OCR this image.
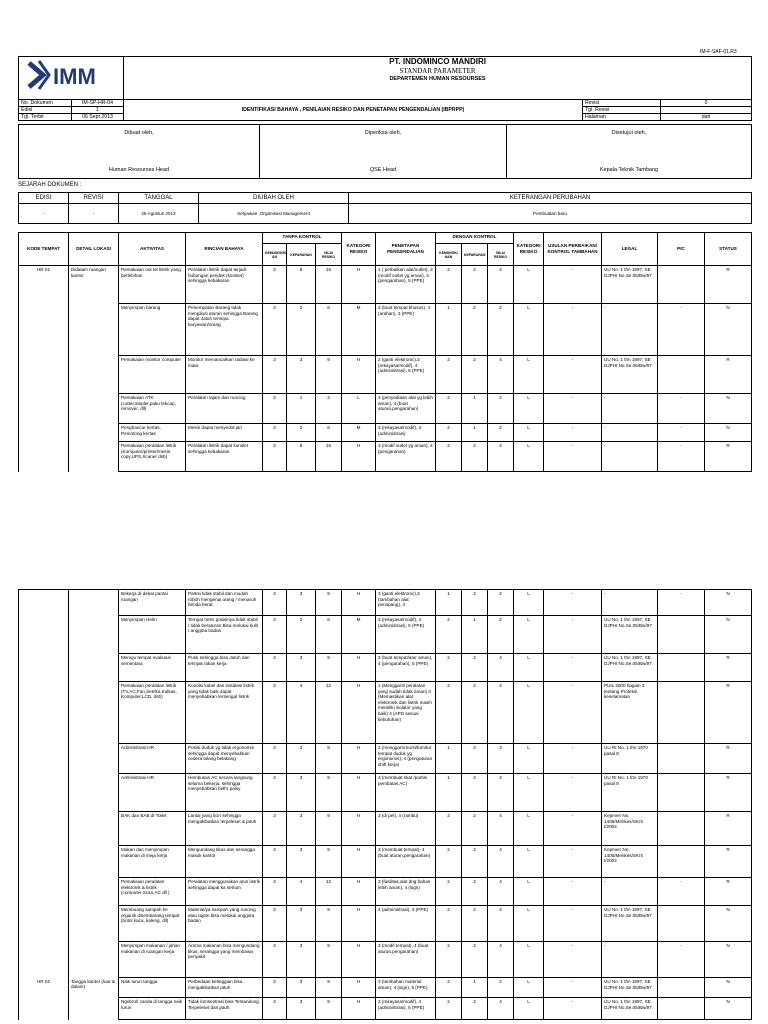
IM-F-SAF-01.R3
IMM		PT. INDOMINCO MANDIRI
STANDAR PARAMETER
DEPARTEMEN HUMAN RESOURSES		

No. Dokumen	IM-SP-HR-04	IDENTIFIKASI BAHAYA , PENILAIAN RESIKO DAN PENETAPAN PENGENDALIAN (IBPRPP)	Revisi	0
Edisi	1		Tgl. Revisi	
Tgl. Terbit	06 Sept 2013		Halaman	dari
Dibuat oleh,	Diperiksa oleh,	Disetujui oleh,
Human Resourses Head	QSE Head	Kepala Teknik Tambang
SEJARAH DOKUMEN :
EDISI	REVISI	TANGGAL	DIUBAH OLEH	KETERANGAN PERUBAHAN
-	-	28 Agustus 2013	Setyawan ,Organisasi Management	Pembuatan baru
KODE TEMPAT	DETAIL LOKASI	AKTIVITAS	RINCIAN BAHAYA	TANPA KONTROL			KATEGORI RESIKO	PENETAPAN PENGENDALIAN	DENGAN KONTROL			KATEGORI RESIKO	USULAN PERBAIKAN/ KONTROL TAMBAHAN	LEGAL	PIC	STATUS
				KEMUNGKIN AN	KEPARAHAN	NILAI RESIKO			KEMUNGKI NAN	KEPARAHAN	NILAI RESIKO					
HR 01	Didalam ruangan kantor	Pemakaian out let listrik yang berlebihan	Peralatan listrik dapat terjadi hubungan pendek (konslet) sehingga kebakaran	3	5	15	H	1 ( perbaikan alat/outlet), 3 (modif outlet yg aman), 4 (pengarahan), 5 (PPE)	2	2	4	L	-	UU No. 1 thn 1997, SE DJPHI No.Se.05/Bw/97		R
		Menyimpan barang	Penempatan Barang tidak mengikuti aturan sehingga Barang dapat Jatuh terimpa karyawan/orang	3	2	6	M	3 (buat tempat khusus), 4 (arahan), 3 (PPE)	1	2	2	L	-	-	-	N
		Pemakaian monitor computer	Monitor memancarkan radiasi ke mata	3	3	9	H	2 (ganti elektronic),3 (rekayasa/modif), 4 (administrasi), 5 (PPE)	2	2	4	L	-	UU No. 1 thn 1997, SE DJPHI No.Se.05/Bw/97		R
		Pemakaian ATK (cutter,stepler,paku tekcap, remover, dll)	Peralatan tajam dan runcing	3	1	3	L	3 (penyediaan alat yg lebih aman), 4 (buat aturan,pengarahan)	2	1	2	L	-	-	-	N
		Penghancur kertas, Pemotong kertas	Mesin dapat menyedot jari	3	2	6	M	3 (rekayasa/modif), 4 (administrasi)	2	1	2	L	-	-	-	N
		Pemakaian peralatan listrik (Komputer/printer/mesin copy,UPS,Scaner dsb)	Peralatan listrik dapat konslet sehingga kebakaran	3	5	15	H	3 (modif outlet yg aman), 4 (pengarahan)	2	2	4	L	-	-	-	R
		Bekerja di dekat pantai ruangan	Partisi tidak stabil dan mudah roboh mengenai orang / menaruh benda berat	3	3	9	H	3 (ganti elektronic),3 (tambahan alat penopang), 4	1	2	2	L	-	-	-	N
		Menyimpan Helm	Tempat helm posisinya tidak stabil / tidak beraturan Bisa melukai kulit / anggota badan	3	2	6	M	3 (rekayasa/modif), 4 (administrasi), 5 (PPE)	2	1	2	L	-	UU No. 1 thn 1997, SE DJPHI No.Se.05/Bw/97		N
		Menuju tempat evakuasi sementara	Punk sehingga bisa Jatuh dan terinjak /akan kerja	3	3	9	H	3 (buat tempat/atur aman), 4 (pengarahan), 5 (PPE)	2	2	4	L	-	UU No. 1 thn 1997, SE DJPHI No.Se.05/Bw/97		R
		Pemakaian peralatan listrik (TV,AC,Fan,Setrika,Kulkas, Komputer,LCD, dsb)	Kondisi kabel dan instalasi listrik yang tidak baik dapat menyebabkan tersengat listrik	3	4	12	H	1 (Mengganti peralatan yang sudah tidak aman) 3 (Memastikan alat elektronik dan listrik masih memiliki isolator yang baik) 4 (APD sesuai kebutuhan)	2	2	4	L	-	PUIL 2000 bagian 3 tentang Proteksi keselamatan		R
		Administrasi HR	Posisi duduk yg tidak ergonomis sehingga dapat menyebabkan cedera tulang belakang	3	3	9	H	2 (mengganti kursi/furnitur tempat duduk yg ergonomis), 4 (pengaturan shift kerja)	1	3	3	L	-	UU RI No. 1 thn 1970 pasal 8		R
		Administrasi HR	Hembusan AC secara langsung selama bekerja, sehingga menyebabkan bell's palsy	3	3	9	H	3 (membuat skat /partisi pembatas AC)	1	3	3	L	-	UU RI No. 1 thn 1970 pasal 8		R
		BAK dan BAB di Toilet	Lantai yang licin sehingga mengakibatkan terpeleset & jatuh	3	3	9	H	3 (di pel), 4 (rambu)	2	2	4	L	-	Kepmen No. 1405/Menkes/SK/X I/2002		R
		Makan dan menyimpan makanan di meja kerja	Mengundang tikus dan serangga masuk kantor	3	3	9	H	3 (membuat tempat), 4 (buat aturan,pengarahan)	2	2	4	L	-	Kepmen No. 1405/Menkes/SK/X I/2002		R
		Pemakaian peralatan elektronik & listrik (computer,Scan,AC dll )	Peralatan menggunakan arus listrik sehingga dapat ka setrum	3	4	12	H	3 (fasilitas,alat dng bahan lebih aman), 4 (sign)	2	2	4	L	-	-	-	R
		Membuang sampah ke organik disembarang tempat (botol kaca, kaleng, dll)	Material/ya sampah yang runcing atau tajam bisa melukai anggota badan	3	3	9	H	4 (administrasi), 5 (PPE)	2	2	4	L	-	UU No. 1 thn 1997, SE DJPHI No.Se.05/Bw/97		N
		Menyimpan makanan / jahan makanan di ruangan kerja	Aroma makanan bisa mengundang tikus, serangga yang membawa penyakit	3	3	9	H	3 (modif tempat), 4 (buat aturan,pengarahan)	2	2	4	L	-	-	-	N
HR 02	Tangga kantor (luar & dalam)	Naik turun tangga	Perbedaan ketinggian bisa mengakibatkan jatuh	3	3	9	H	3 (tambahan material aman), 4 (sign), 5 (PPE)	2	1	2	L	-	UU No. 1 thn 1997, SE DJPHI No.Se.05/Bw/97		N
		Ngobrol/ canda di tangga naik turun	Tidak konsentrasi bisa Tersandung, Terpeleset dan jatuh	3	3	9	H	3 (rekayasa/modif), 4 (administrasi), 5 (PPE)	2	2	4	L	-	UU No. 1 thn 1997, SE DJPHI No.Se.05/Bw/97		N
